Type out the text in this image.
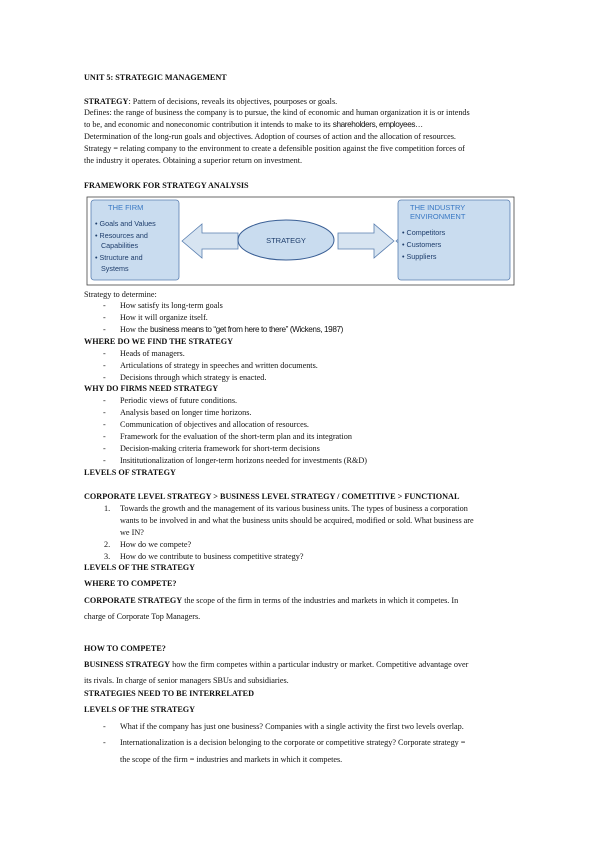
UNIT 5: STRATEGIC MANAGEMENT
STRATEGY: Pattern of decisions, reveals its objectives, pourposes or goals.
Defines: the range of business the company is to pursue, the kind of economic and human organization it is or intends
to be, and economic and noneconomic contribution it intends to make to its shareholders, employees…
Determination of the long-run goals and objectives. Adoption of courses of action and the allocation of resources.
Strategy = relating company to the environment to create a defensible position against the five competition forces of
the industry it operates. Obtaining a superior return on investment.
FRAMEWORK FOR STRATEGY ANALYSIS
THE FIRM
• Goals and Values
• Resources and
Capabilities
• Structure and
Systems
STRATEGY
THE INDUSTRY
ENVIRONMENT
• Competitors
• Customers
• Suppliers
Strategy to determine:
- How satisfy its long-term goals
- How it will organize itself.
- How the business means to “get from here to there” (Wickens, 1987)
WHERE DO WE FIND THE STRATEGY
- Heads of managers.
- Articulations of strategy in speeches and written documents.
- Decisions through which strategy is enacted.
WHY DO FIRMS NEED STRATEGY
- Periodic views of future conditions.
- Analysis based on longer time horizons.
- Communication of objectives and allocation of resources.
- Framework for the evaluation of the short-term plan and its integration
- Decision-making criteria framework for short-term decisions
- Insititutionalization of longer-term horizons needed for investments (R&D)
LEVELS OF STRATEGY
CORPORATE LEVEL STRATEGY > BUSINESS LEVEL STRATEGY / COMETITIVE > FUNCTIONAL
1. Towards the growth and the management of its various business units. The types of business a corporation
wants to be involved in and what the business units should be acquired, modified or sold. What business are
we IN?
2. How do we compete?
3. How do we contribute to business competitive strategy?
LEVELS OF THE STRATEGY
WHERE TO COMPETE?
CORPORATE STRATEGY the scope of the firm in terms of the industries and markets in which it competes. In
charge of Corporate Top Managers.
HOW TO COMPETE?
BUSINESS STRATEGY how the firm competes within a particular industry or market. Competitive advantage over
its rivals. In charge of senior managers SBUs and subsidiaries.
STRATEGIES NEED TO BE INTERRELATED
LEVELS OF THE STRATEGY
- What if the company has just one business? Companies with a single activity the first two levels overlap.
- Internationalization is a decision belonging to the corporate or competitive strategy? Corporate strategy =
the scope of the firm = industries and markets in which it competes.
